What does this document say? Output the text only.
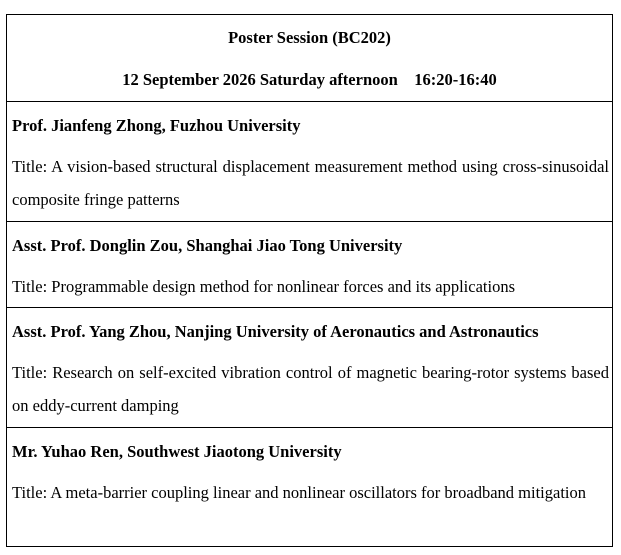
Poster Session (BC202)
12 September 2026 Saturday afternoon    16:20-16:40
Prof. Jianfeng Zhong, Fuzhou University
Title: A vision-based structural displacement measurement method using cross-sinusoidal composite fringe patterns
Asst. Prof. Donglin Zou, Shanghai Jiao Tong University
Title: Programmable design method for nonlinear forces and its applications
Asst. Prof. Yang Zhou, Nanjing University of Aeronautics and Astronautics
Title: Research on self-excited vibration control of magnetic bearing-rotor systems based on eddy-current damping
Mr. Yuhao Ren, Southwest Jiaotong University
Title: A meta-barrier coupling linear and nonlinear oscillators for broadband mitigation
